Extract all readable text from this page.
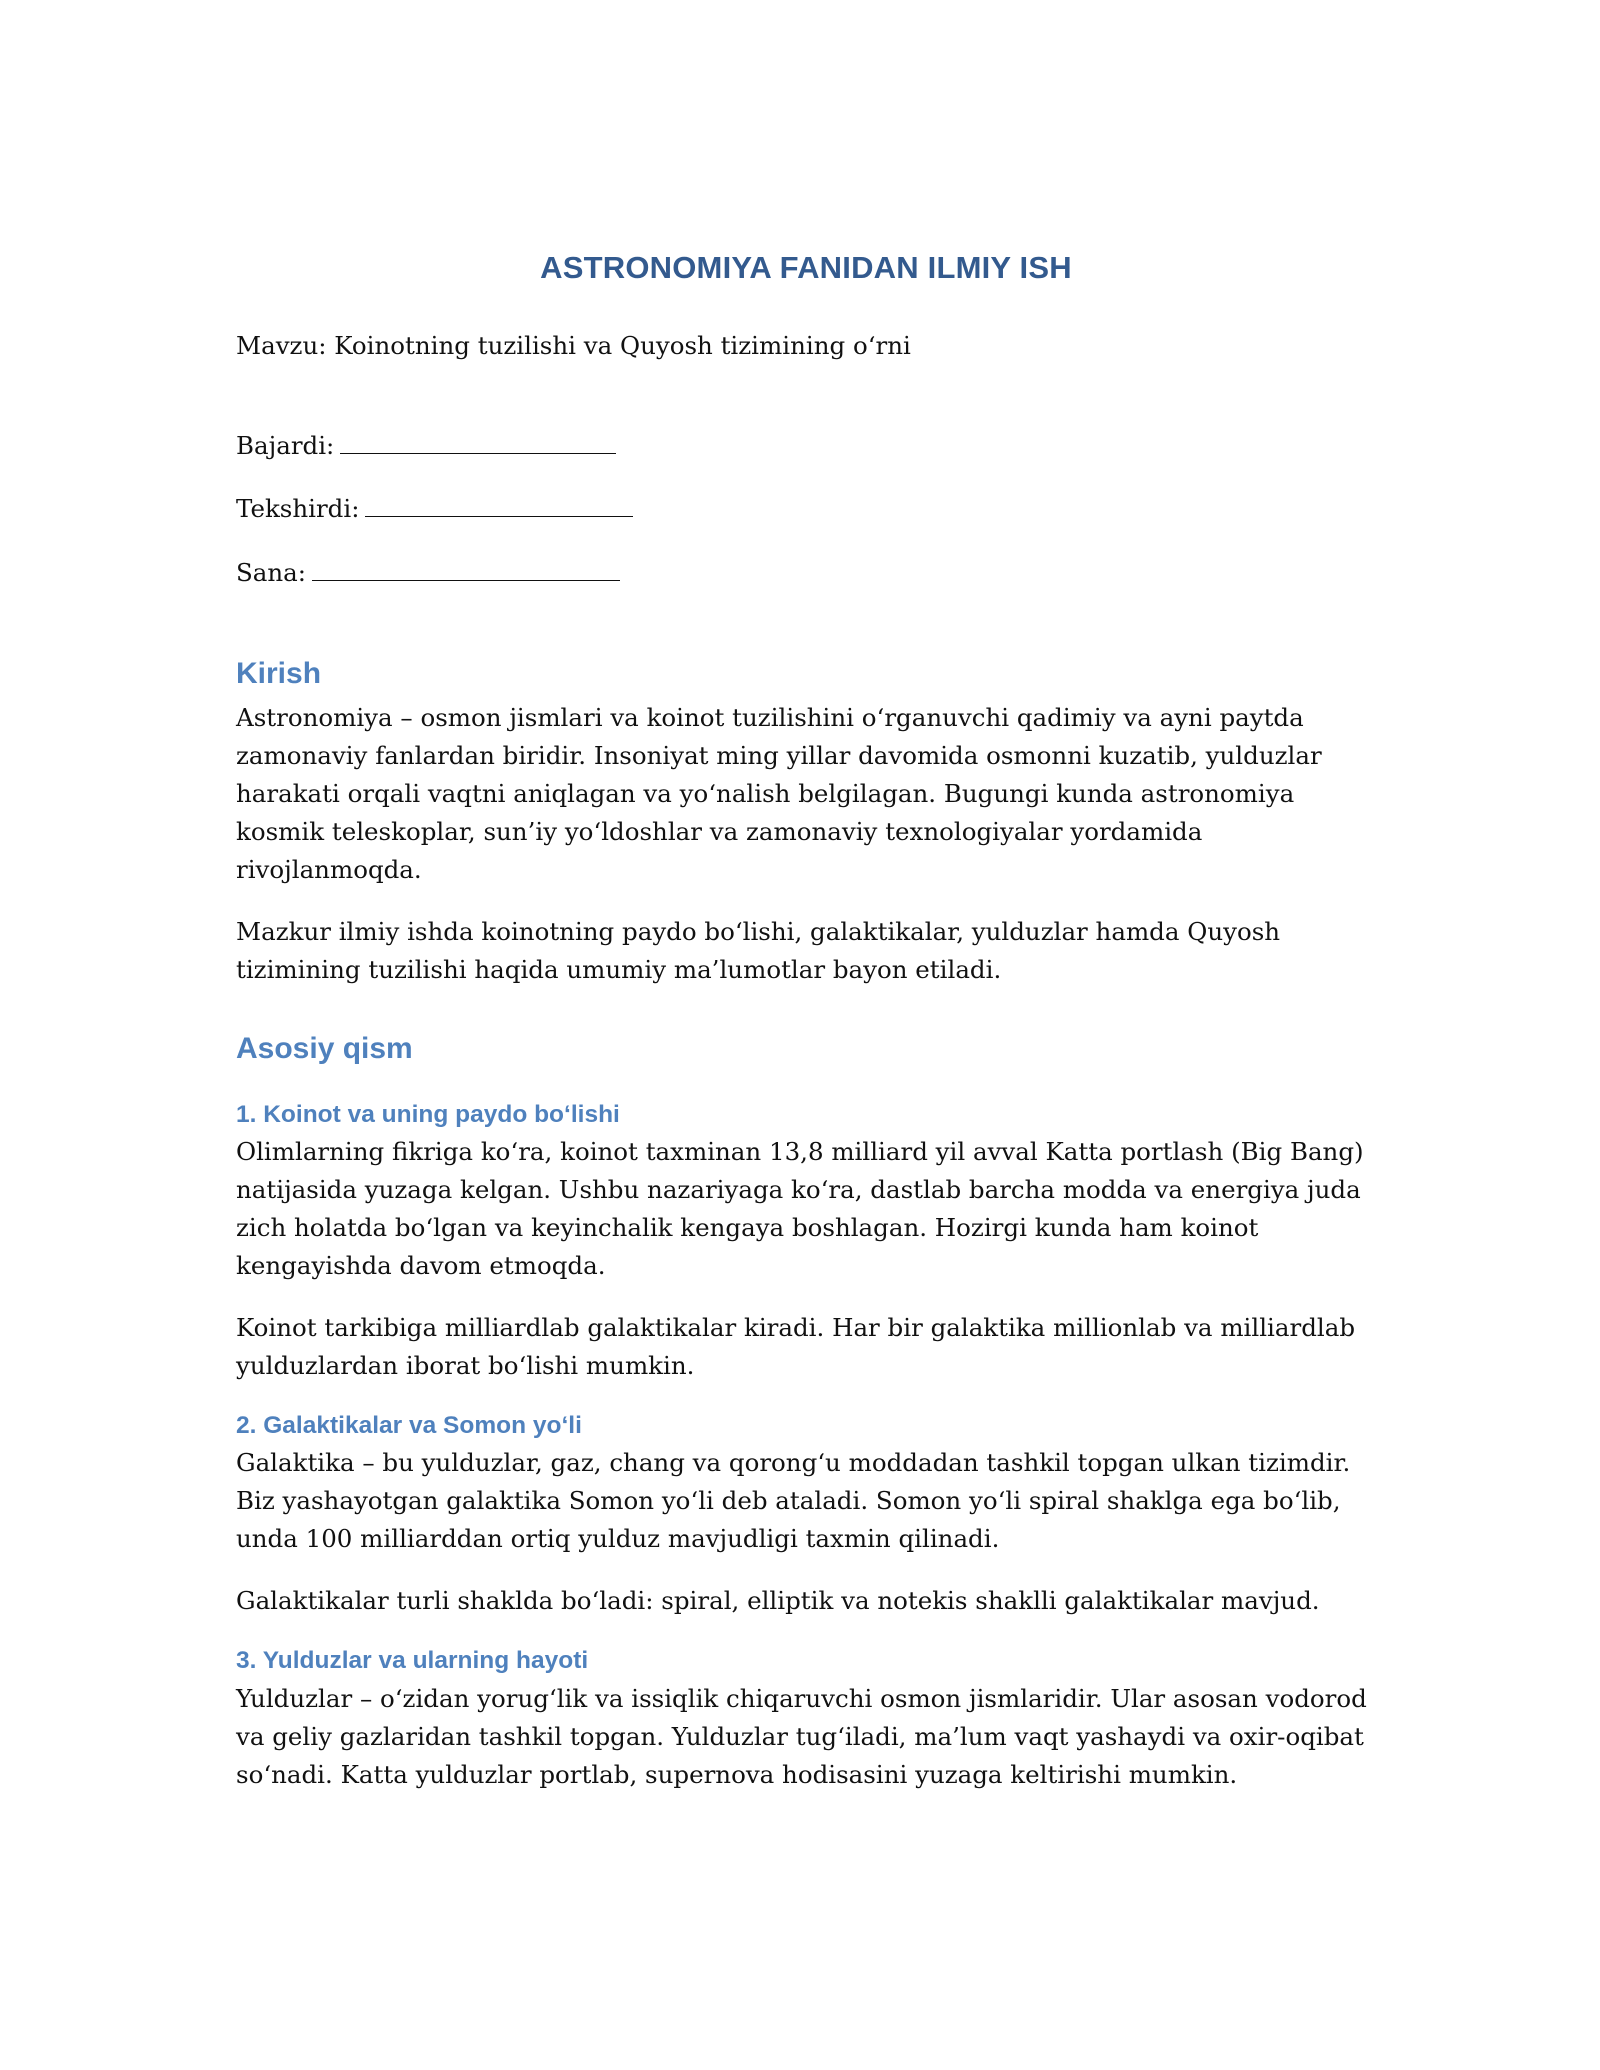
ASTRONOMIYA FANIDAN ILMIY ISH

Mavzu: Koinotning tuzilishi va Quyosh tizimining o‘rni

Bajardi:
Tekshirdi:
Sana:
Kirish

Astronomiya – osmon jismlari va koinot tuzilishini o‘rganuvchi qadimiy va ayni paytda zamonaviy fanlardan biridir. Insoniyat ming yillar davomida osmonni kuzatib, yulduzlar harakati orqali vaqtni aniqlagan va yo‘nalish belgilagan. Bugungi kunda astronomiya kosmik teleskoplar, sun’iy yo‘ldoshlar va zamonaviy texnologiyalar yordamida rivojlanmoqda.

Mazkur ilmiy ishda koinotning paydo bo‘lishi, galaktikalar, yulduzlar hamda Quyosh tizimining tuzilishi haqida umumiy ma’lumotlar bayon etiladi.

Asosiy qism
1. Koinot va uning paydo bo‘lishi

Olimlarning fikriga ko‘ra, koinot taxminan 13,8 milliard yil avval Katta portlash (Big Bang) natijasida yuzaga kelgan. Ushbu nazariyaga ko‘ra, dastlab barcha modda va energiya juda zich holatda bo‘lgan va keyinchalik kengaya boshlagan. Hozirgi kunda ham koinot kengayishda davom etmoqda.

Koinot tarkibiga milliardlab galaktikalar kiradi. Har bir galaktika millionlab va milliardlab yulduzlardan iborat bo‘lishi mumkin.

2. Galaktikalar va Somon yo‘li

Galaktika – bu yulduzlar, gaz, chang va qorong‘u moddadan tashkil topgan ulkan tizimdir. Biz yashayotgan galaktika Somon yo‘li deb ataladi. Somon yo‘li spiral shaklga ega bo‘lib, unda 100 milliarddan ortiq yulduz mavjudligi taxmin qilinadi.

Galaktikalar turli shaklda bo‘ladi: spiral, elliptik va notekis shaklli galaktikalar mavjud.

3. Yulduzlar va ularning hayoti

Yulduzlar – o‘zidan yorug‘lik va issiqlik chiqaruvchi osmon jismlaridir. Ular asosan vodorod va geliy gazlaridan tashkil topgan. Yulduzlar tug‘iladi, ma’lum vaqt yashaydi va oxir-oqibat so‘nadi. Katta yulduzlar portlab, supernova hodisasini yuzaga keltirishi mumkin.
